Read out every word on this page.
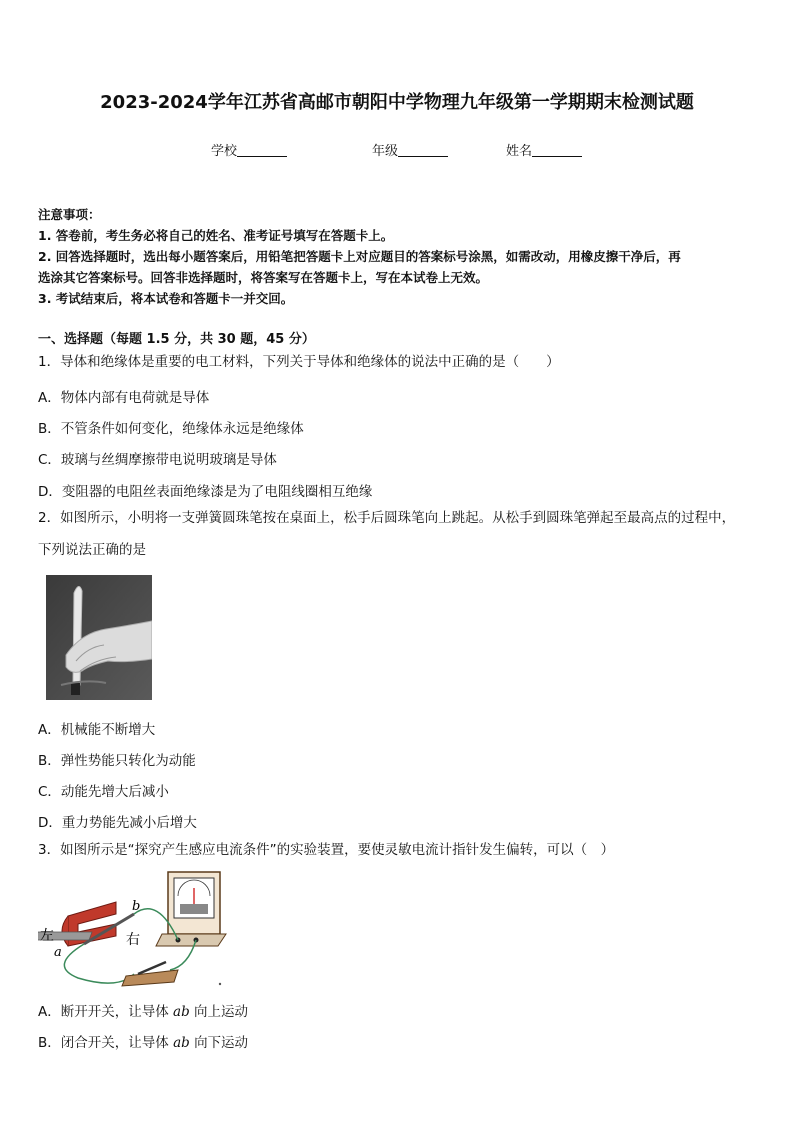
2023-2024学年江苏省高邮市朝阳中学物理九年级第一学期期末检测试题
学校	年级	姓名
注意事项：
1. 答卷前，考生务必将自己的姓名、准考证号填写在答题卡上。
2. 回答选择题时，选出每小题答案后，用铅笔把答题卡上对应题目的答案标号涂黑，如需改动，用橡皮擦干净后，再
选涂其它答案标号。回答非选择题时，将答案写在答题卡上，写在本试卷上无效。
3. 考试结束后，将本试卷和答题卡一并交回。
一、选择题（每题 1.5 分，共 30 题，45 分）
1．导体和绝缘体是重要的电工材料，下列关于导体和绝缘体的说法中正确的是（　　）
A．物体内部有电荷就是导体
B．不管条件如何变化，绝缘体永远是绝缘体
C．玻璃与丝绸摩擦带电说明玻璃是导体
D．变阻器的电阻丝表面绝缘漆是为了电阻线圈相互绝缘
2．如图所示，小明将一支弹簧圆珠笔按在桌面上，松手后圆珠笔向上跳起。从松手到圆珠笔弹起至最高点的过程中，
下列说法正确的是
A．机械能不断增大
B．弹性势能只转化为动能
C．动能先增大后减小
D．重力势能先减小后增大
3．如图所示是“探究产生感应电流条件”的实验装置，要使灵敏电流计指针发生偏转，可以（　）
左	右
a
b
A．断开开关，让导体 ab 向上运动
B．闭合开关，让导体 ab 向下运动
